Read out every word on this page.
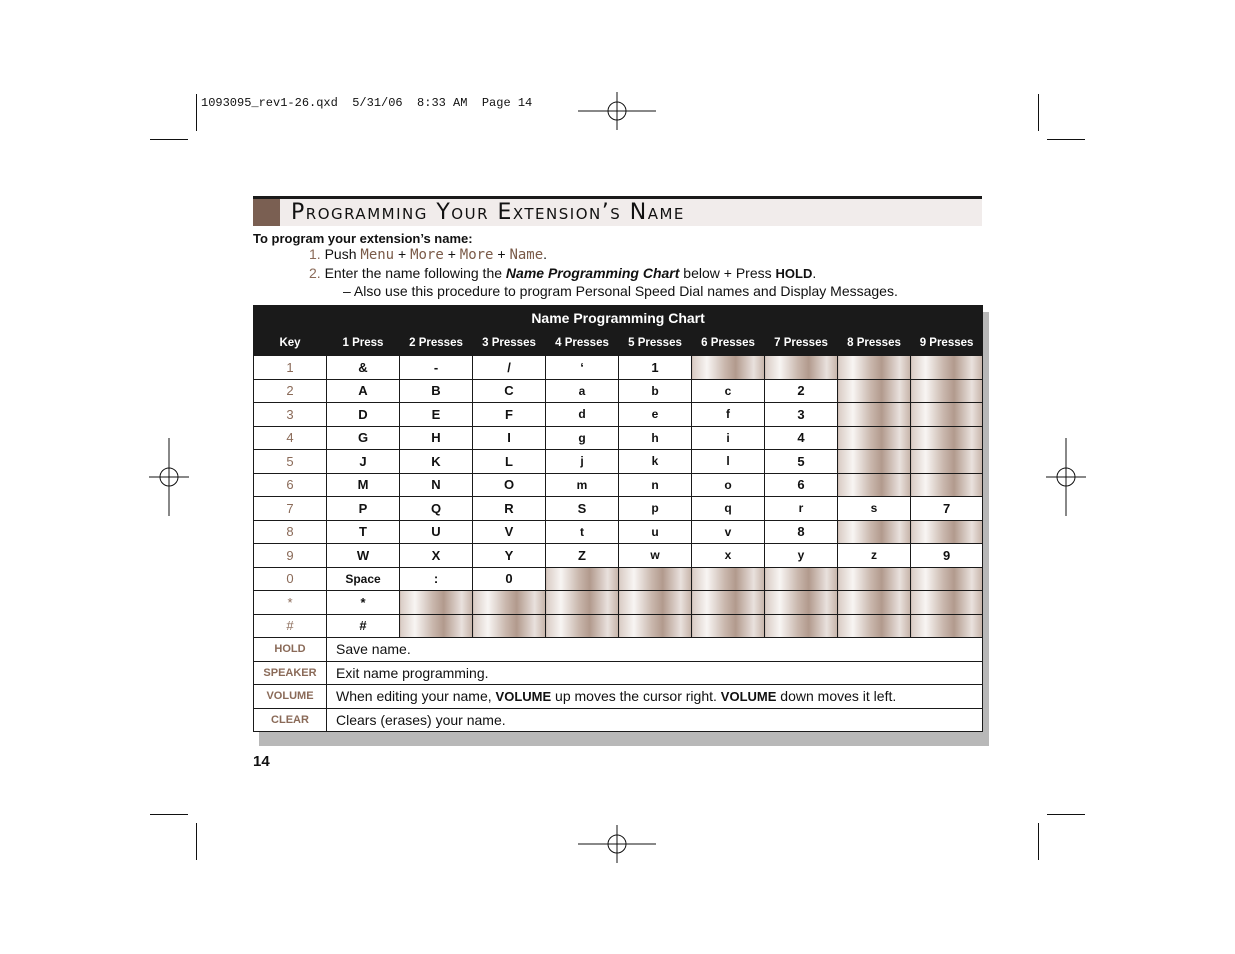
1093095_rev1-26.qxd  5/31/06  8:33 AM  Page 14
Programming Your Extension’s Name
To program your extension’s name:
1. Push Menu + More + More + Name.
2. Enter the name following the Name Programming Chart below + Press HOLD.
– Also use this procedure to program Personal Speed Dial names and Display Messages.
Name Programming Chart									
Key	1 Press	2 Presses	3 Presses	4 Presses	5 Presses	6 Presses	7 Presses	8 Presses	9 Presses
1	&	-	/	‘	1				
2	A	B	C	a	b	c	2		
3	D	E	F	d	e	f	3		
4	G	H	I	g	h	i	4		
5	J	K	L	j	k	l	5		
6	M	N	O	m	n	o	6		
7	P	Q	R	S	p	q	r	s	7
8	T	U	V	t	u	v	8		
9	W	X	Y	Z	w	x	y	z	9
0	Space	:	0						
*	*								
#	#								
HOLD	Save name.								
SPEAKER	Exit name programming.								
VOLUME	When editing your name, VOLUME up moves the cursor right. VOLUME down moves it left.								
CLEAR	Clears (erases) your name.								
14
